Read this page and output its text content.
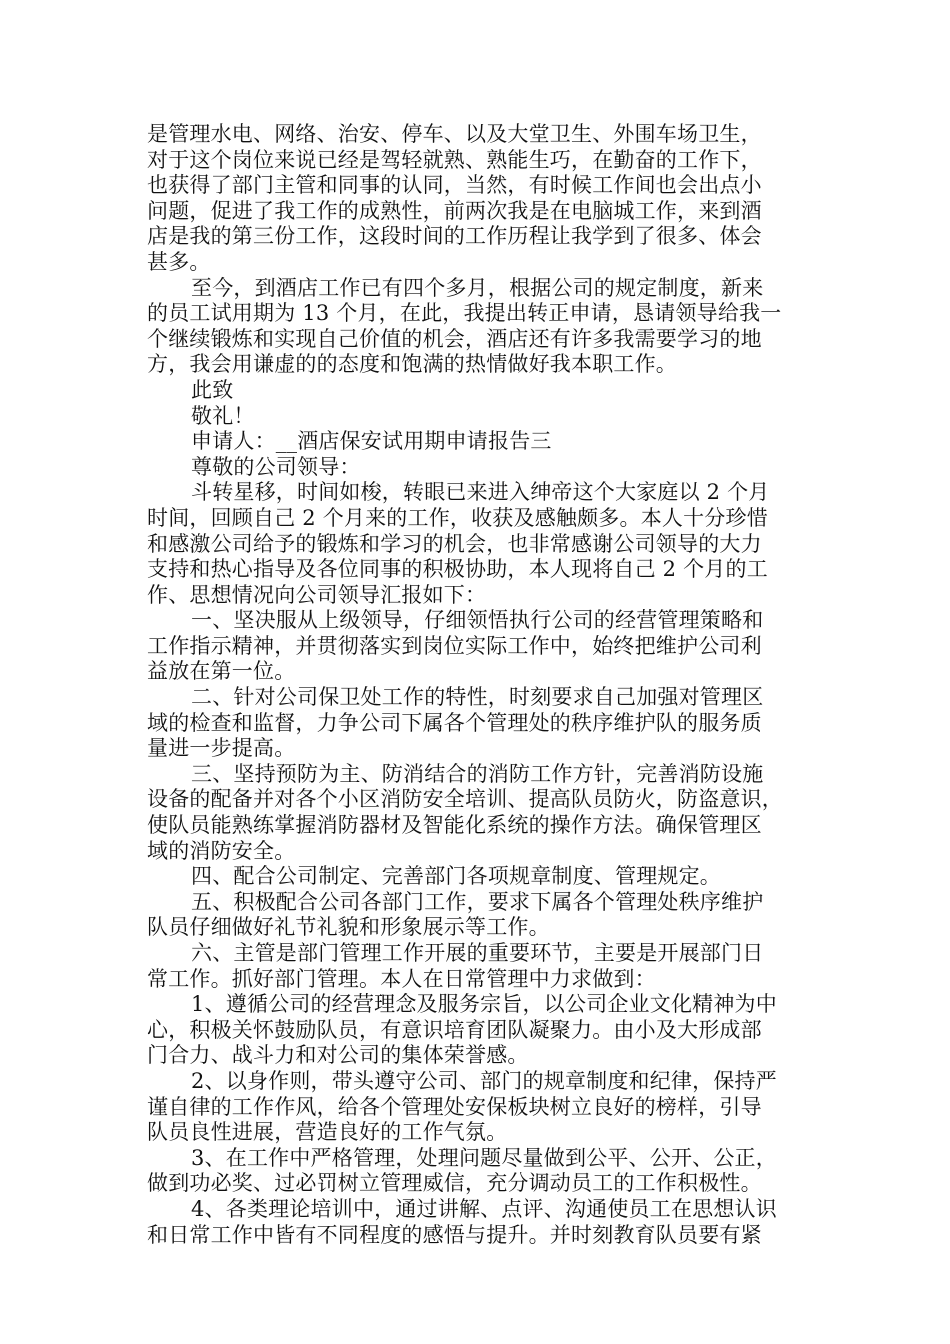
是管理水电、网络、治安、停车、以及大堂卫生、外围车场卫生，
对于这个岗位来说已经是驾轻就熟、熟能生巧，在勤奋的工作下，
也获得了部门主管和同事的认同，当然，有时候工作间也会出点小
问题，促进了我工作的成熟性，前两次我是在电脑城工作，来到酒
店是我的第三份工作，这段时间的工作历程让我学到了很多、体会
甚多。
至今，到酒店工作已有四个多月，根据公司的规定制度，新来
的员工试用期为 13 个月，在此，我提出转正申请，恳请领导给我一
个继续锻炼和实现自己价值的机会，酒店还有许多我需要学习的地
方，我会用谦虚的的态度和饱满的热情做好我本职工作。
此致
敬礼！
申请人：__酒店保安试用期申请报告三
尊敬的公司领导：
斗转星移，时间如梭，转眼已来进入绅帝这个大家庭以 2 个月
时间，回顾自己 2 个月来的工作，收获及感触颇多。本人十分珍惜
和感激公司给予的锻炼和学习的机会，也非常感谢公司领导的大力
支持和热心指导及各位同事的积极协助，本人现将自己 2 个月的工
作、思想情况向公司领导汇报如下：
一、坚决服从上级领导，仔细领悟执行公司的经营管理策略和
工作指示精神，并贯彻落实到岗位实际工作中，始终把维护公司利
益放在第一位。
二、针对公司保卫处工作的特性，时刻要求自己加强对管理区
域的检查和监督，力争公司下属各个管理处的秩序维护队的服务质
量进一步提高。
三、坚持预防为主、防消结合的消防工作方针，完善消防设施
设备的配备并对各个小区消防安全培训、提高队员防火，防盗意识，
使队员能熟练掌握消防器材及智能化系统的操作方法。确保管理区
域的消防安全。
四、配合公司制定、完善部门各项规章制度、管理规定。
五、积极配合公司各部门工作，要求下属各个管理处秩序维护
队员仔细做好礼节礼貌和形象展示等工作。
六、主管是部门管理工作开展的重要环节，主要是开展部门日
常工作。抓好部门管理。本人在日常管理中力求做到：
1、遵循公司的经营理念及服务宗旨，以公司企业文化精神为中
心，积极关怀鼓励队员，有意识培育团队凝聚力。由小及大形成部
门合力、战斗力和对公司的集体荣誉感。
2、以身作则，带头遵守公司、部门的规章制度和纪律，保持严
谨自律的工作作风，给各个管理处安保板块树立良好的榜样，引导
队员良性进展，营造良好的工作气氛。
3、在工作中严格管理，处理问题尽量做到公平、公开、公正，
做到功必奖、过必罚树立管理威信，充分调动员工的工作积极性。
4、各类理论培训中，通过讲解、点评、沟通使员工在思想认识
和日常工作中皆有不同程度的感悟与提升。并时刻教育队员要有紧
